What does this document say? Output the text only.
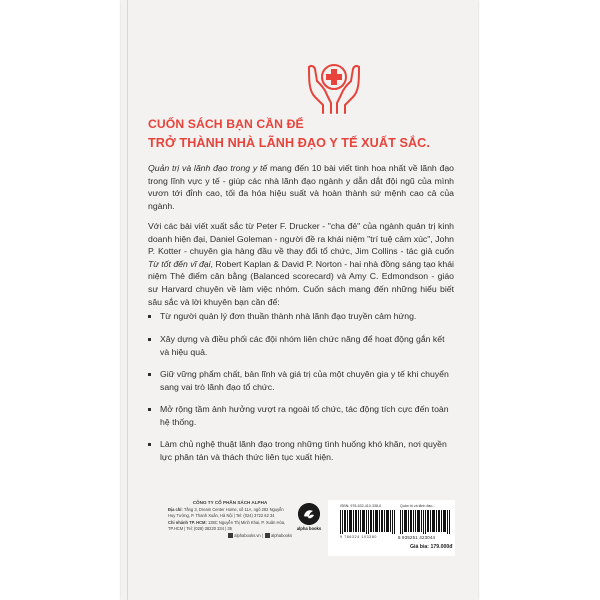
CUỐN SÁCH BẠN CẦN ĐỂ
TRỞ THÀNH NHÀ LÃNH ĐẠO Y TẾ XUẤT SẮC.
Quản trị và lãnh đạo trong y tế mang đến 10 bài viết tinh hoa nhất về lãnh đạo trong lĩnh vực y tế - giúp các nhà lãnh đạo ngành y dẫn dắt đội ngũ của mình vươn tới đỉnh cao, tối đa hóa hiệu suất và hoàn thành sứ mệnh cao cả của ngành.
Với các bài viết xuất sắc từ Peter F. Drucker - "cha đẻ" của ngành quản trị kinh doanh hiện đại, Daniel Goleman - người đề ra khái niệm "trí tuệ cảm xúc", John P. Kotter - chuyên gia hàng đầu về thay đổi tổ chức, Jim Collins - tác giả cuốn Từ tốt đến vĩ đại, Robert Kaplan & David P. Norton - hai nhà đồng sáng tạo khái niệm Thẻ điểm cân bằng (Balanced scorecard) và Amy C. Edmondson - giáo sư Harvard chuyên về làm việc nhóm. Cuốn sách mang đến những hiểu biết sâu sắc và lời khuyên bạn cần để:
Từ người quản lý đơn thuần thành nhà lãnh đạo truyền cảm hứng.
Xây dựng và điều phối các đội nhóm liên chức năng để hoạt động gắn kết và hiệu quả.
Giữ vững phẩm chất, bản lĩnh và giá trị của một chuyên gia y tế khi chuyển sang vai trò lãnh đạo tổ chức.
Mở rộng tầm ảnh hưởng vượt ra ngoài tổ chức, tác động tích cực đến toàn hệ thống.
Làm chủ nghệ thuật lãnh đạo trong những tình huống khó khăn, nơi quyền lực phân tán và thách thức liên tục xuất hiện.
CÔNG TY CỔ PHẦN SÁCH ALPHA
Địa chỉ: Tầng 3, Dream Center Home, số 11A, ngõ 282 Nguyễn Huy Tưởng, P. Thanh Xuân, Hà Nội | Tel: (024) 3722 62 34
Chi nhánh TP. HCM: 138C Nguyễn Thị Minh Khai, P. Xuân Hòa, TP.HCM | Tel: (028) 38220 334 | 35
alphabooks.vn | alphabooks
alpha books
ISBN: 978-632-410-338-0	Quản trị và lãnh đạo...
9 786324 103380	8 935251 423044
Giá bìa: 179.000đ
